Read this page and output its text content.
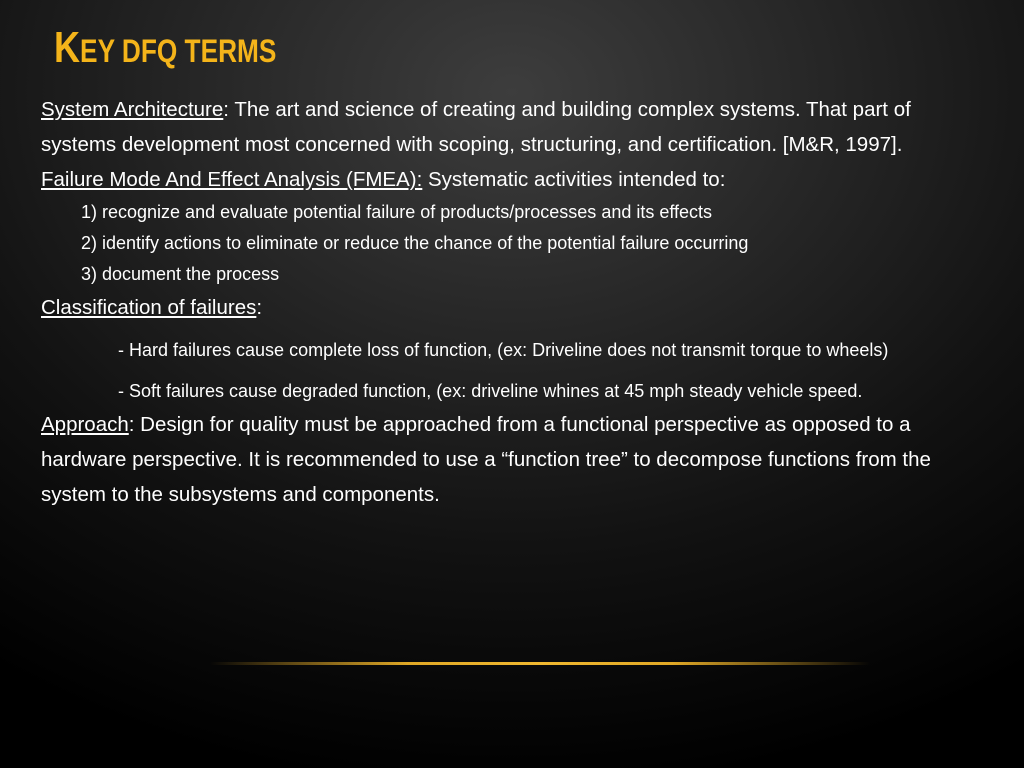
KEY DFQ TERMS

System Architecture: The art and science of creating and building complex systems. That part of systems development most concerned with scoping, structuring, and certification. [M&R, 1997].

Failure Mode And Effect Analysis (FMEA): Systematic activities intended to:

1) recognize and evaluate potential failure of products/processes and its effects

2) identify actions to eliminate or reduce the chance of the potential failure occurring

3) document the process

Classification of failures:

- Hard failures cause complete loss of function, (ex: Driveline does not transmit torque to wheels)

- Soft failures cause degraded function, (ex: driveline whines at 45 mph steady vehicle speed.

Approach: Design for quality must be approached from a functional perspective as opposed to a hardware perspective. It is recommended to use a “function tree” to decompose functions from the system to the subsystems and components.
